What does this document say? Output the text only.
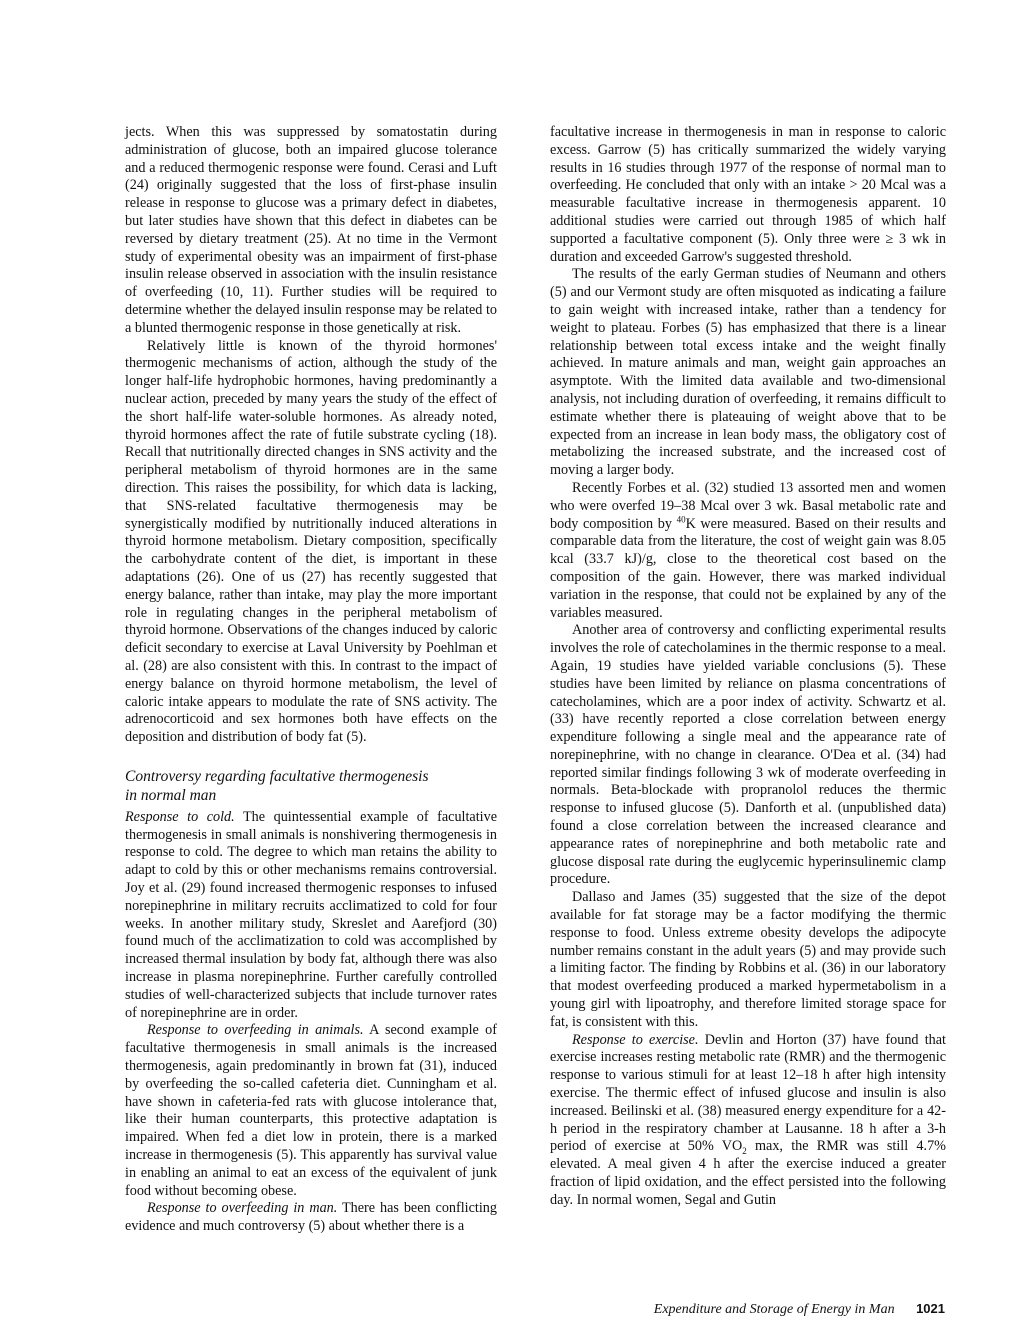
jects. When this was suppressed by somatostatin during administration of glucose, both an impaired glucose tolerance and a reduced thermogenic response were found. Cerasi and Luft (24) originally suggested that the loss of first-phase insulin release in response to glucose was a primary defect in diabetes, but later studies have shown that this defect in diabetes can be reversed by dietary treatment (25). At no time in the Vermont study of experimental obesity was an impairment of first-phase insulin release observed in association with the insulin resistance of overfeeding (10, 11). Further studies will be required to determine whether the delayed insulin response may be related to a blunted thermogenic response in those genetically at risk.

Relatively little is known of the thyroid hormones' thermogenic mechanisms of action, although the study of the longer half-life hydrophobic hormones, having predominantly a nuclear action, preceded by many years the study of the effect of the short half-life water-soluble hormones. As already noted, thyroid hormones affect the rate of futile substrate cycling (18). Recall that nutritionally directed changes in SNS activity and the peripheral metabolism of thyroid hormones are in the same direction. This raises the possibility, for which data is lacking, that SNS-related facultative thermogenesis may be synergistically modified by nutritionally induced alterations in thyroid hormone metabolism. Dietary composition, specifically the carbohydrate content of the diet, is important in these adaptations (26). One of us (27) has recently suggested that energy balance, rather than intake, may play the more important role in regulating changes in the peripheral metabolism of thyroid hormone. Observations of the changes induced by caloric deficit secondary to exercise at Laval University by Poehlman et al. (28) are also consistent with this. In contrast to the impact of energy balance on thyroid hormone metabolism, the level of caloric intake appears to modulate the rate of SNS activity. The adrenocorticoid and sex hormones both have effects on the deposition and distribution of body fat (5).

Controversy regarding facultative thermogenesis
in normal man

Response to cold. The quintessential example of facultative thermogenesis in small animals is nonshivering thermogenesis in response to cold. The degree to which man retains the ability to adapt to cold by this or other mechanisms remains controversial. Joy et al. (29) found increased thermogenic responses to infused norepinephrine in military recruits acclimatized to cold for four weeks. In another military study, Skreslet and Aarefjord (30) found much of the acclimatization to cold was accomplished by increased thermal insulation by body fat, although there was also increase in plasma norepinephrine. Further carefully controlled studies of well-characterized subjects that include turnover rates of norepinephrine are in order.

Response to overfeeding in animals. A second example of facultative thermogenesis in small animals is the increased thermogenesis, again predominantly in brown fat (31), induced by overfeeding the so-called cafeteria diet. Cunningham et al. have shown in cafeteria-fed rats with glucose intolerance that, like their human counterparts, this protective adaptation is impaired. When fed a diet low in protein, there is a marked increase in thermogenesis (5). This apparently has survival value in enabling an animal to eat an excess of the equivalent of junk food without becoming obese.

Response to overfeeding in man. There has been conflicting evidence and much controversy (5) about whether there is a

facultative increase in thermogenesis in man in response to caloric excess. Garrow (5) has critically summarized the widely varying results in 16 studies through 1977 of the response of normal man to overfeeding. He concluded that only with an intake > 20 Mcal was a measurable facultative increase in thermogenesis apparent. 10 additional studies were carried out through 1985 of which half supported a facultative component (5). Only three were ≥ 3 wk in duration and exceeded Garrow's suggested threshold.

The results of the early German studies of Neumann and others (5) and our Vermont study are often misquoted as indicating a failure to gain weight with increased intake, rather than a tendency for weight to plateau. Forbes (5) has emphasized that there is a linear relationship between total excess intake and the weight finally achieved. In mature animals and man, weight gain approaches an asymptote. With the limited data available and two-dimensional analysis, not including duration of overfeeding, it remains difficult to estimate whether there is plateauing of weight above that to be expected from an increase in lean body mass, the obligatory cost of metabolizing the increased substrate, and the increased cost of moving a larger body.

Recently Forbes et al. (32) studied 13 assorted men and women who were overfed 19–38 Mcal over 3 wk. Basal metabolic rate and body composition by $^{40}$K were measured. Based on their results and comparable data from the literature, the cost of weight gain was 8.05 kcal (33.7 kJ)/g, close to the theoretical cost based on the composition of the gain. However, there was marked individual variation in the response, that could not be explained by any of the variables measured.

Another area of controversy and conflicting experimental results involves the role of catecholamines in the thermic response to a meal. Again, 19 studies have yielded variable conclusions (5). These studies have been limited by reliance on plasma concentrations of catecholamines, which are a poor index of activity. Schwartz et al. (33) have recently reported a close correlation between energy expenditure following a single meal and the appearance rate of norepinephrine, with no change in clearance. O'Dea et al. (34) had reported similar findings following 3 wk of moderate overfeeding in normals. Beta-blockade with propranolol reduces the thermic response to infused glucose (5). Danforth et al. (unpublished data) found a close correlation between the increased clearance and appearance rates of norepinephrine and both metabolic rate and glucose disposal rate during the euglycemic hyperinsulinemic clamp procedure.

Dallaso and James (35) suggested that the size of the depot available for fat storage may be a factor modifying the thermic response to food. Unless extreme obesity develops the adipocyte number remains constant in the adult years (5) and may provide such a limiting factor. The finding by Robbins et al. (36) in our laboratory that modest overfeeding produced a marked hypermetabolism in a young girl with lipoatrophy, and therefore limited storage space for fat, is consistent with this.

Response to exercise. Devlin and Horton (37) have found that exercise increases resting metabolic rate (RMR) and the thermogenic response to various stimuli for at least 12–18 h after high intensity exercise. The thermic effect of infused glucose and insulin is also increased. Beilinski et al. (38) measured energy expenditure for a 42-h period in the respiratory chamber at Lausanne. 18 h after a 3-h period of exercise at 50% $VO_2$ max, the RMR was still 4.7% elevated. A meal given 4 h after the exercise induced a greater fraction of lipid oxidation, and the effect persisted into the following day. In normal women, Segal and Gutin

Expenditure and Storage of Energy in Man 1021
